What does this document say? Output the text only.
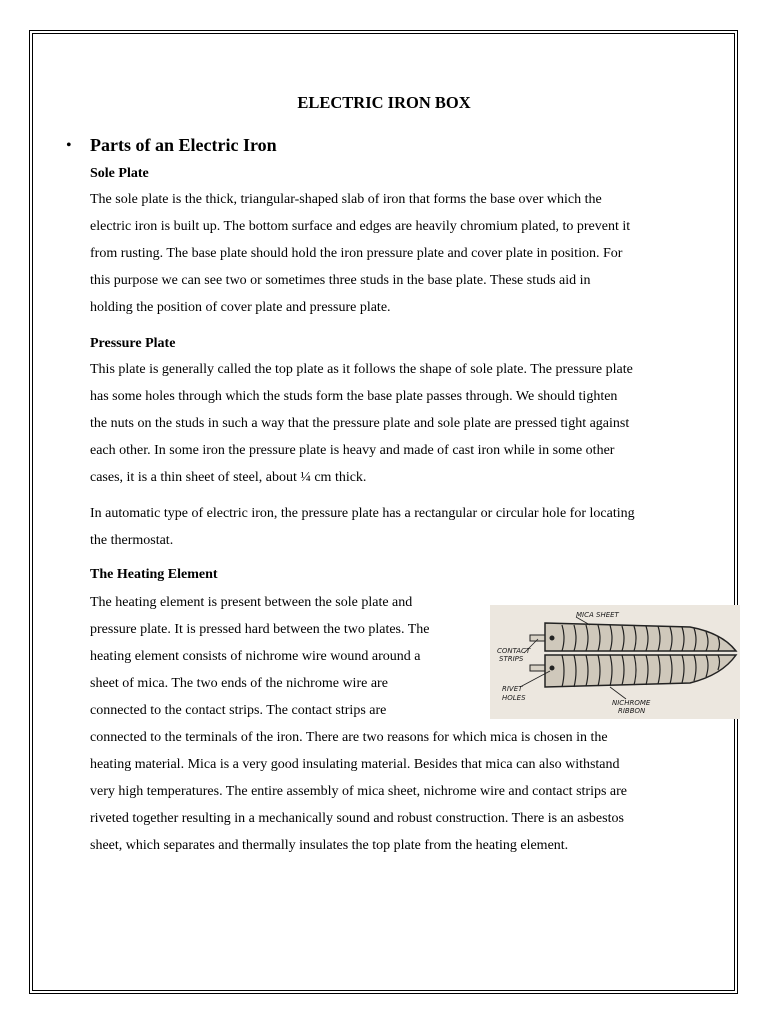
ELECTRIC IRON BOX
• Parts of an Electric Iron
Sole Plate
The sole plate is the thick, triangular-shaped slab of iron that forms the base over which the
electric iron is built up. The bottom surface and edges are heavily chromium plated, to prevent it
from rusting. The base plate should hold the iron pressure plate and cover plate in position. For
this purpose we can see two or sometimes three studs in the base plate. These studs aid in
holding the position of cover plate and pressure plate.
Pressure Plate
This plate is generally called the top plate as it follows the shape of sole plate. The pressure plate
has some holes through which the studs form the base plate passes through. We should tighten
the nuts on the studs in such a way that the pressure plate and sole plate are pressed tight against
each other. In some iron the pressure plate is heavy and made of cast iron while in some other
cases, it is a thin sheet of steel, about ¼ cm thick.
In automatic type of electric iron, the pressure plate has a rectangular or circular hole for locating
the thermostat.
The Heating Element
The heating element is present between the sole plate and
pressure plate. It is pressed hard between the two plates. The
heating element consists of nichrome wire wound around a
sheet of mica. The two ends of the nichrome wire are
connected to the contact strips. The contact strips are
connected to the terminals of the iron. There are two reasons for which mica is chosen in the
heating material. Mica is a very good insulating material. Besides that mica can also withstand
very high temperatures. The entire assembly of mica sheet, nichrome wire and contact strips are
riveted together resulting in a mechanically sound and robust construction. There is an asbestos
sheet, which separates and thermally insulates the top plate from the heating element.
MICA SHEET
CONTACT
STRIPS
RIVET
HOLES
NICHROME
RIBBON
